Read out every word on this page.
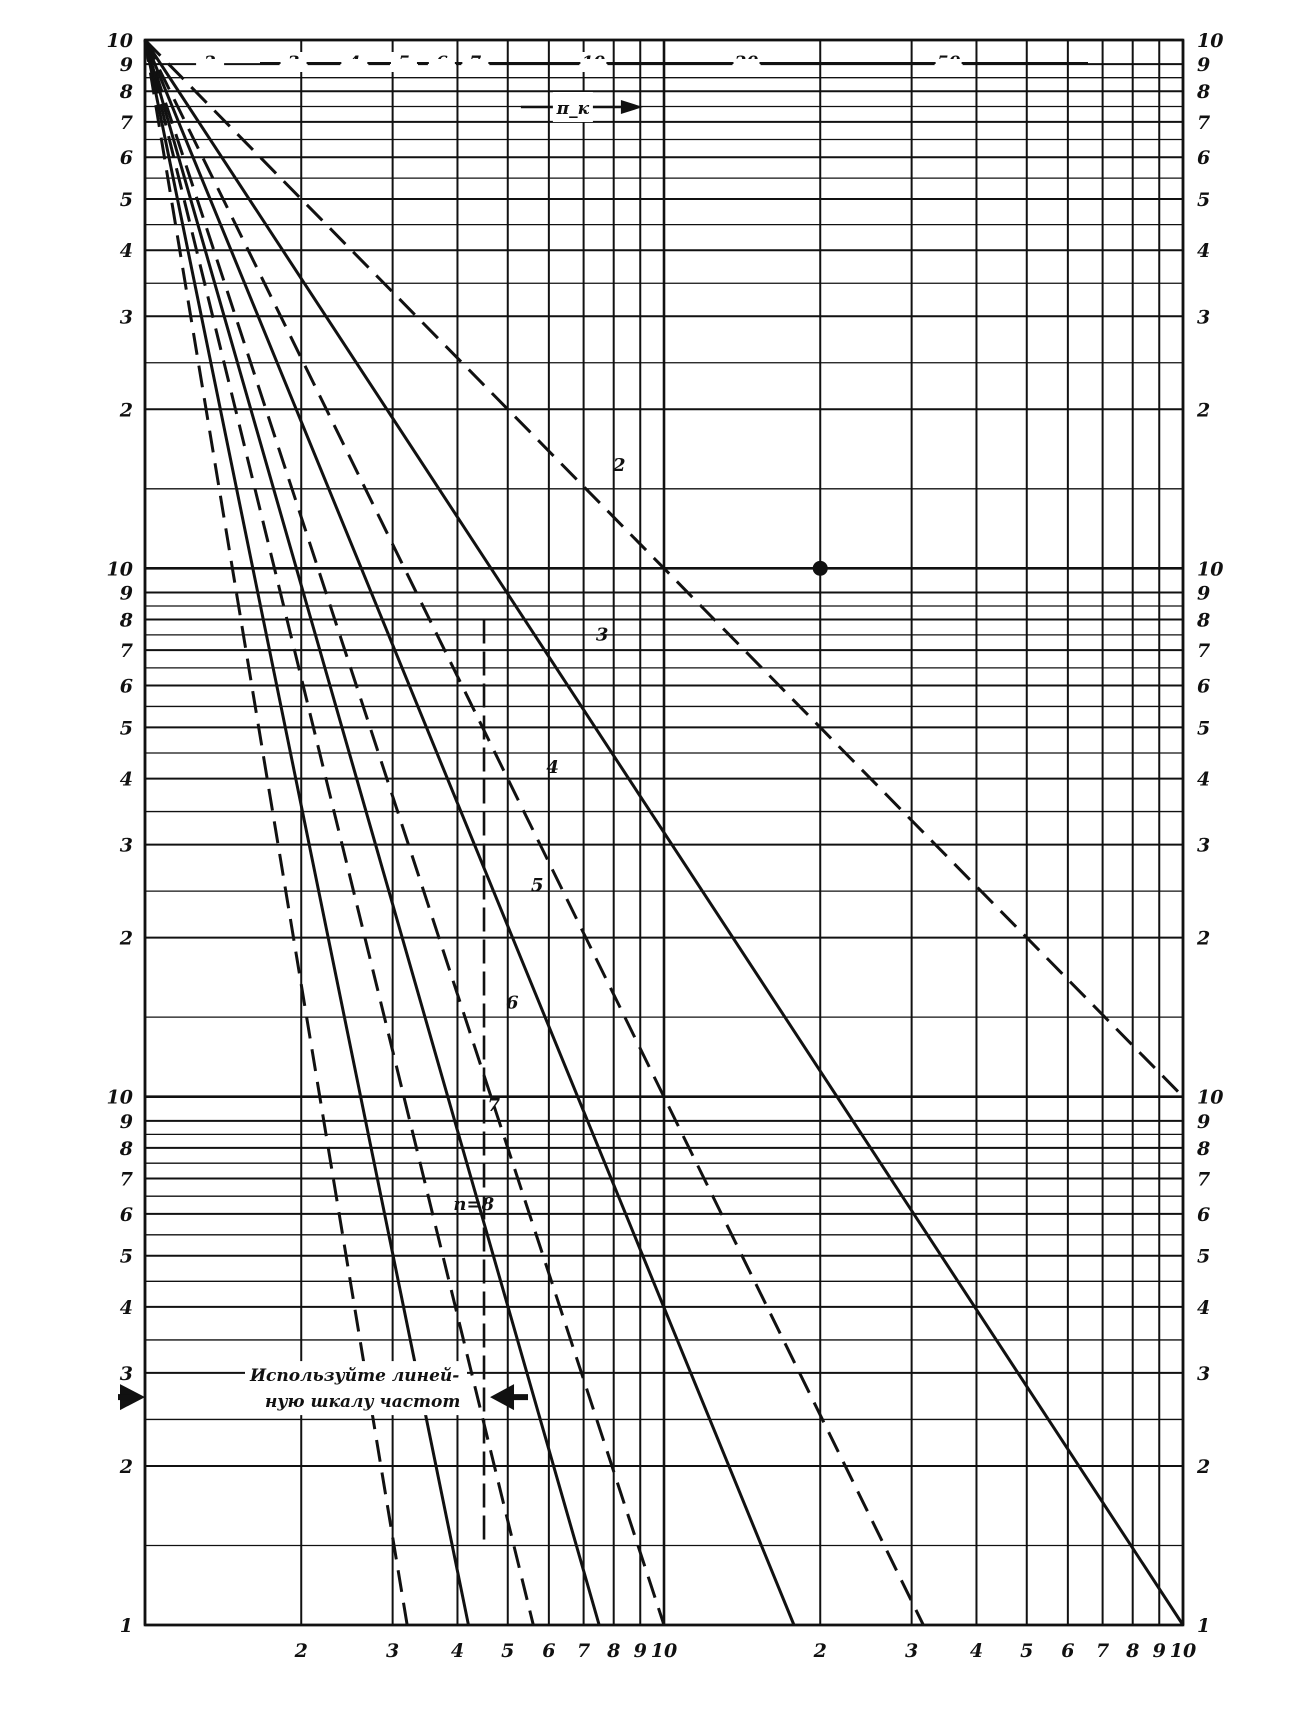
2	3	4 5 6 7 8 9 10	2	3	4 5 6 7 8 9 10
1	1
2	2
3	3
4	4
5	5
6	6
7	7
8	8
9	9
10	10
2	2
3	3
4	4
5	5
6	6
7	7
8	8
9	9
10	10
2	2
3	3
4	4
5	5
6	6
7	7
8	8
9	9
10	10
π_к
2
3
4
5
6
7
n=8
Используйте линей-
ную шкалу частот
